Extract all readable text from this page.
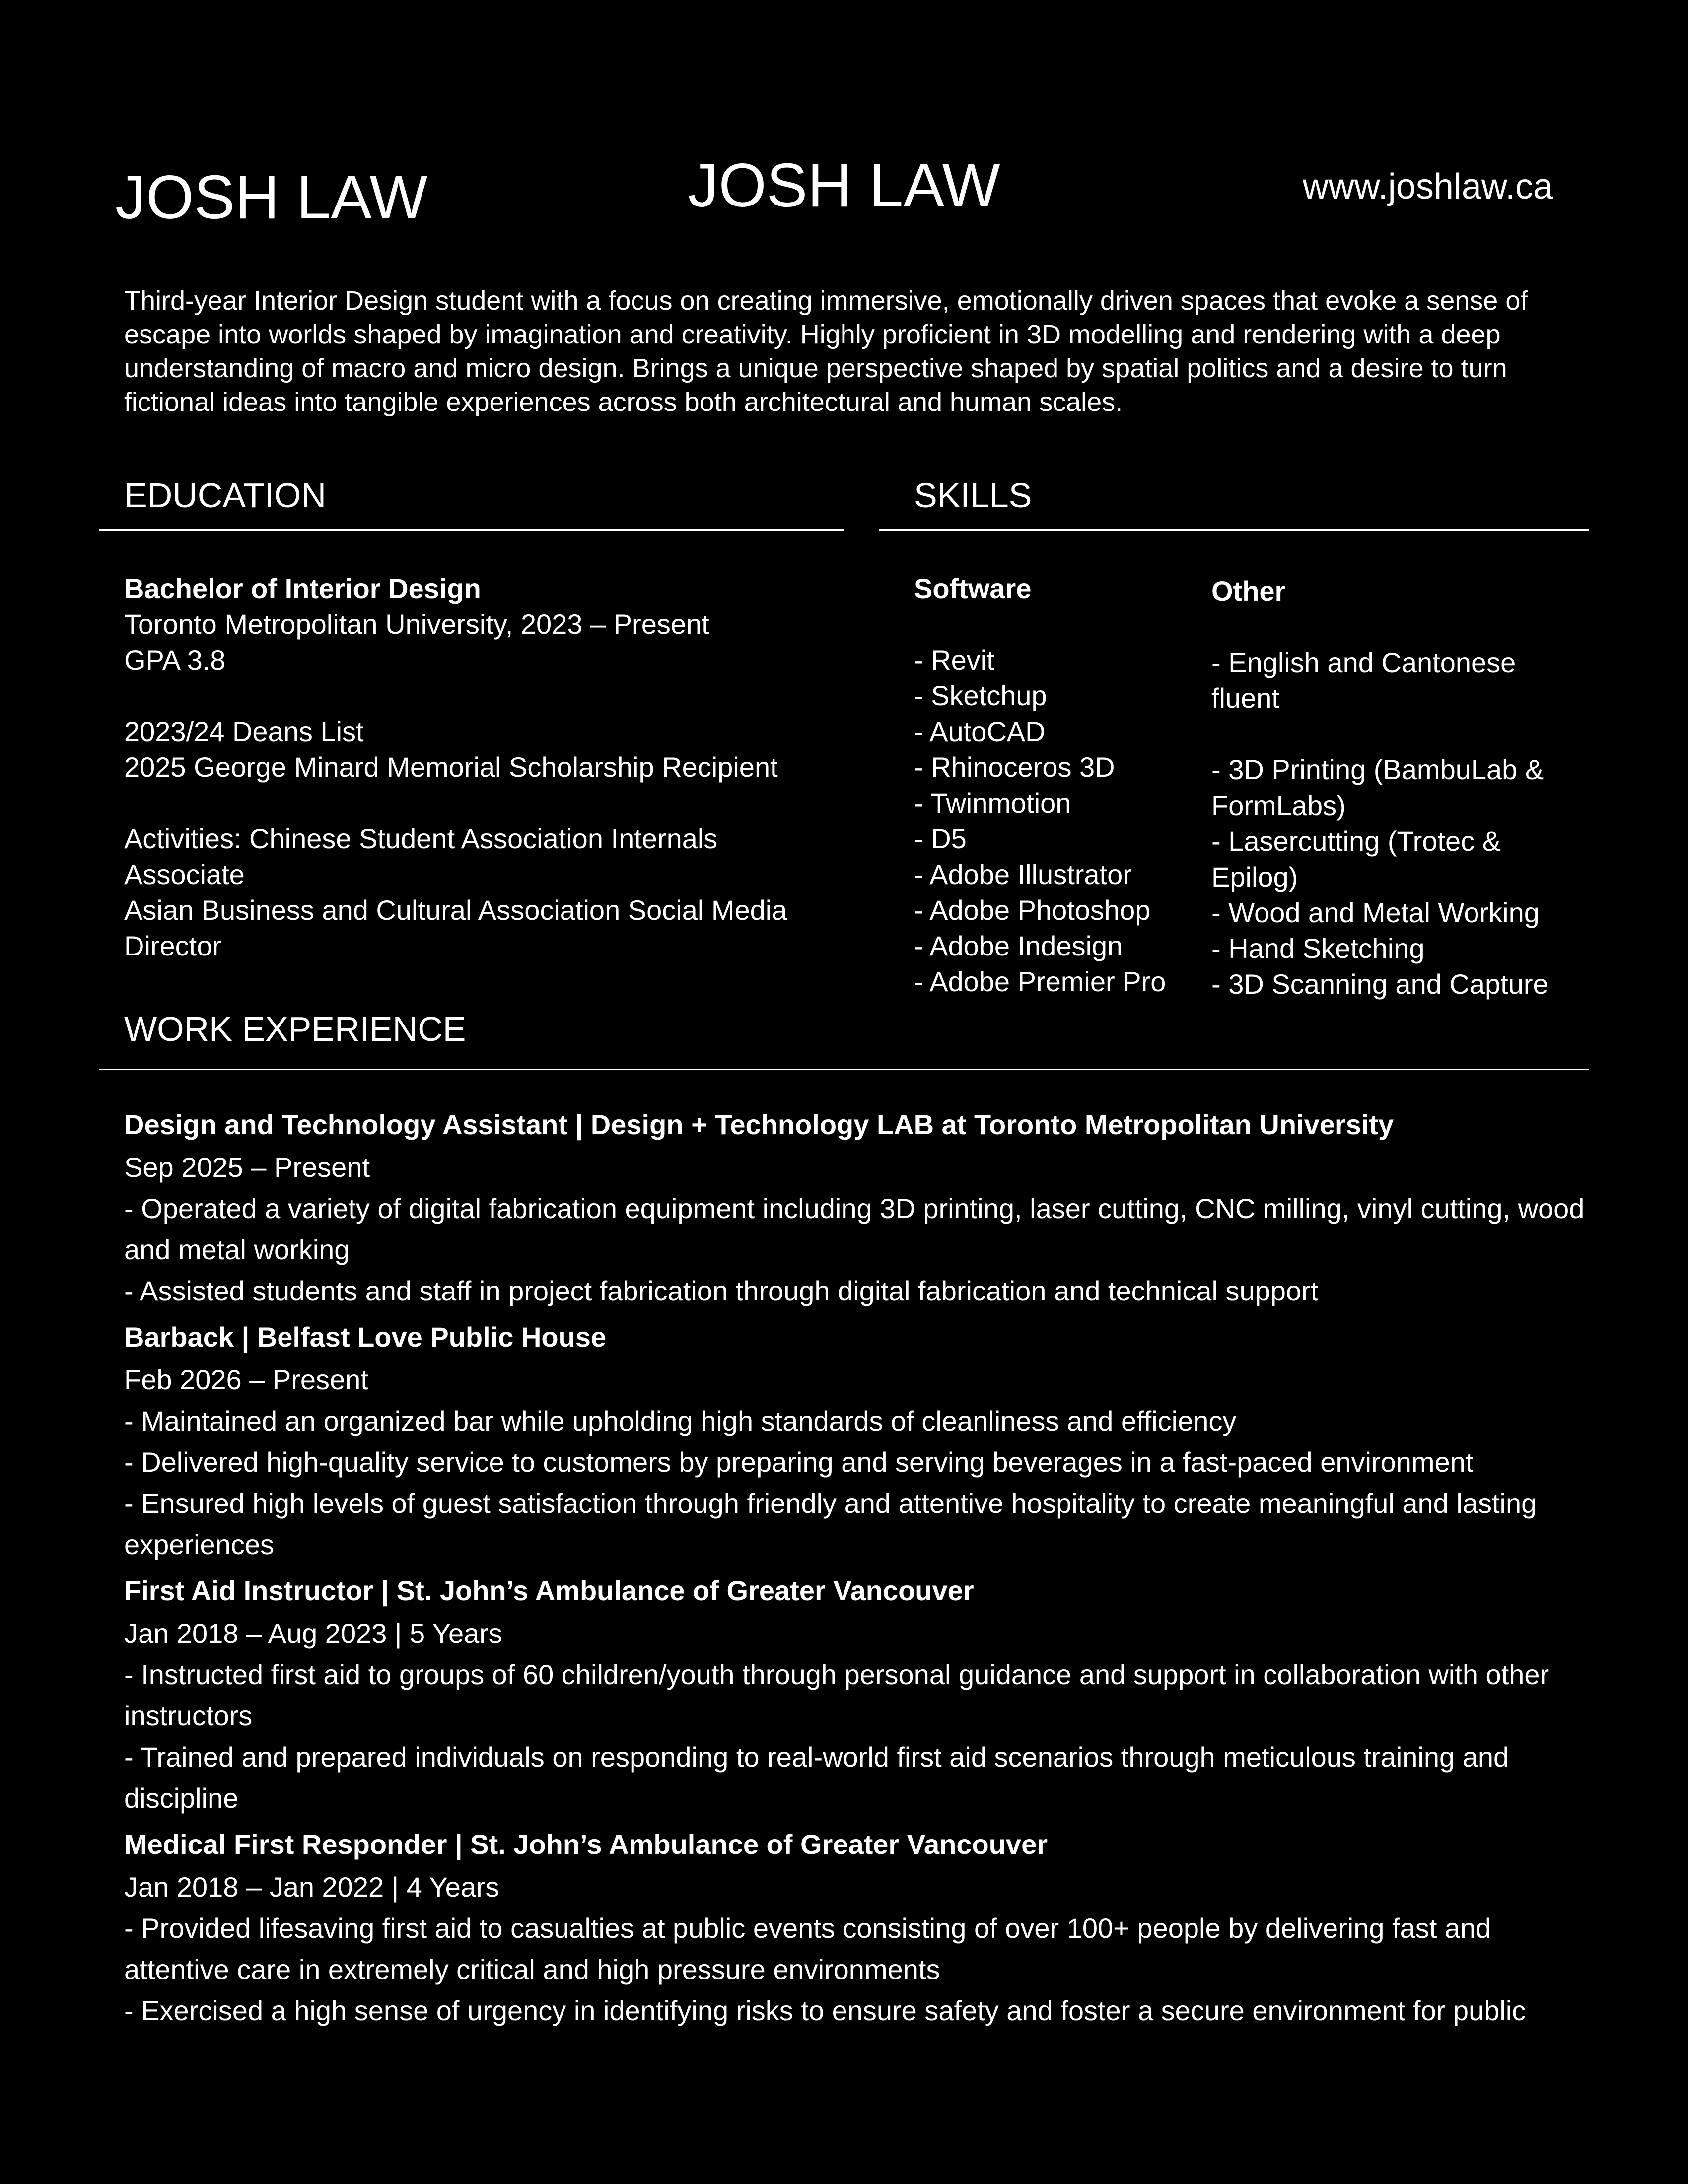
JOSH LAW	JOSH LAW	www.joshlaw.ca
Third-year Interior Design student with a focus on creating immersive, emotionally driven spaces that evoke a sense of escape into worlds shaped by imagination and creativity. Highly proficient in 3D modelling and rendering with a deep understanding of macro and micro design. Brings a unique perspective shaped by spatial politics and a desire to turn fictional ideas into tangible experiences across both architectural and human scales.
EDUCATION
Bachelor of Interior Design
Toronto Metropolitan University, 2023 – Present
GPA 3.8
2023/24 Deans List
2025 George Minard Memorial Scholarship Recipient
Activities: Chinese Student Association Internals
Associate
Asian Business and Cultural Association Social Media
Director
SKILLS
Software
- Revit
- Sketchup
- AutoCAD
- Rhinoceros 3D
- Twinmotion
- D5
- Adobe Illustrator
- Adobe Photoshop
- Adobe Indesign
- Adobe Premier Pro
Other
- English and Cantonese
fluent
- 3D Printing (BambuLab &
FormLabs)
- Lasercutting (Trotec &
Epilog)
- Wood and Metal Working
- Hand Sketching
- 3D Scanning and Capture
WORK EXPERIENCE
Design and Technology Assistant | Design + Technology LAB at Toronto Metropolitan University
Sep 2025 – Present
- Operated a variety of digital fabrication equipment including 3D printing, laser cutting, CNC milling, vinyl cutting, wood and metal working
- Assisted students and staff in project fabrication through digital fabrication and technical support
Barback | Belfast Love Public House
Feb 2026 – Present
- Maintained an organized bar while upholding high standards of cleanliness and efficiency
- Delivered high-quality service to customers by preparing and serving beverages in a fast-paced environment
- Ensured high levels of guest satisfaction through friendly and attentive hospitality to create meaningful and lasting experiences
First Aid Instructor | St. John’s Ambulance of Greater Vancouver
Jan 2018 – Aug 2023 | 5 Years
- Instructed first aid to groups of 60 children/youth through personal guidance and support in collaboration with other instructors
- Trained and prepared individuals on responding to real-world first aid scenarios through meticulous training and discipline
Medical First Responder | St. John’s Ambulance of Greater Vancouver
Jan 2018 – Jan 2022 | 4 Years
- Provided lifesaving first aid to casualties at public events consisting of over 100+ people by delivering fast and attentive care in extremely critical and high pressure environments
- Exercised a high sense of urgency in identifying risks to ensure safety and foster a secure environment for public
